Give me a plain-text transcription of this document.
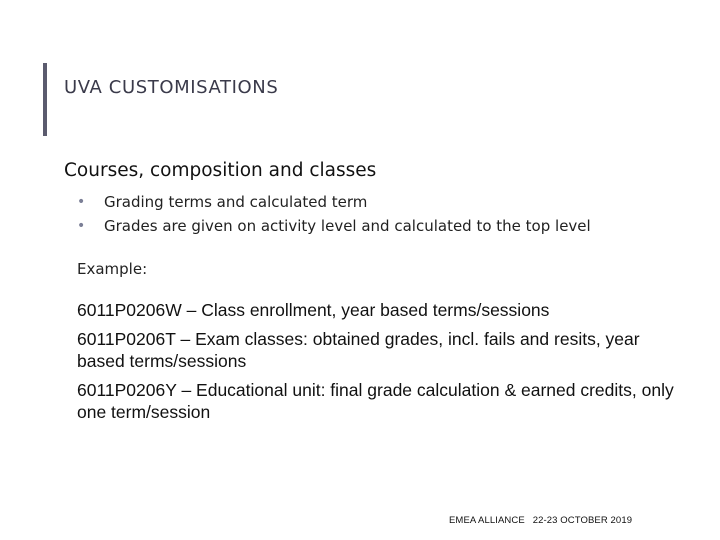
UVA CUSTOMISATIONS
Courses, composition and classes
• Grading terms and calculated term
• Grades are given on activity level and calculated to the top level
Example:

6011P0206W – Class enrollment, year based terms/sessions

6011P0206T – Exam classes: obtained grades, incl. fails and resits, year based terms/sessions

6011P0206Y – Educational unit: final grade calculation & earned credits, only one term/session

EMEA ALLIANCE 22-23 OCTOBER 2019
